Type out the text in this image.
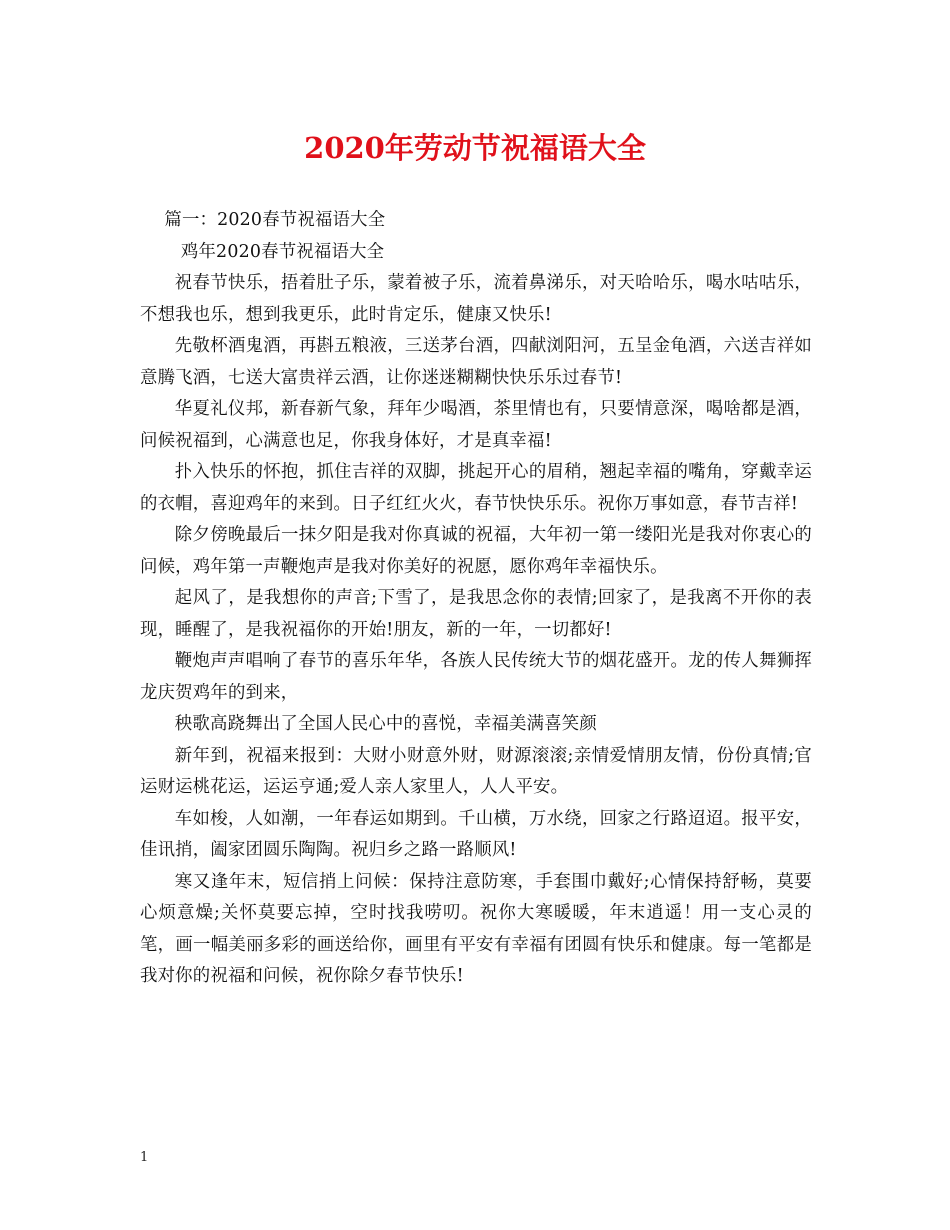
2020年劳动节祝福语大全

篇一：2020春节祝福语大全

鸡年2020春节祝福语大全

祝春节快乐，捂着肚子乐，蒙着被子乐，流着鼻涕乐，对天哈哈乐，喝水咕咕乐，不想我也乐，想到我更乐，此时肯定乐，健康又快乐!

先敬杯酒鬼酒，再斟五粮液，三送茅台酒，四献浏阳河，五呈金龟酒，六送吉祥如意腾飞酒，七送大富贵祥云酒，让你迷迷糊糊快快乐乐过春节!

华夏礼仪邦，新春新气象，拜年少喝酒，茶里情也有，只要情意深，喝啥都是酒，问候祝福到，心满意也足，你我身体好，才是真幸福!

扑入快乐的怀抱，抓住吉祥的双脚，挑起开心的眉稍，翘起幸福的嘴角，穿戴幸运的衣帽，喜迎鸡年的来到。日子红红火火，春节快快乐乐。祝你万事如意，春节吉祥!

除夕傍晚最后一抹夕阳是我对你真诚的祝福，大年初一第一缕阳光是我对你衷心的问候，鸡年第一声鞭炮声是我对你美好的祝愿，愿你鸡年幸福快乐。

起风了，是我想你的声音;下雪了，是我思念你的表情;回家了，是我离不开你的表现，睡醒了，是我祝福你的开始!朋友，新的一年，一切都好!

鞭炮声声唱响了春节的喜乐年华，各族人民传统大节的烟花盛开。龙的传人舞狮挥龙庆贺鸡年的到来，

秧歌高跷舞出了全国人民心中的喜悦，幸福美满喜笑颜

新年到，祝福来报到：大财小财意外财，财源滚滚;亲情爱情朋友情，份份真情;官运财运桃花运，运运亨通;爱人亲人家里人，人人平安。

车如梭，人如潮，一年春运如期到。千山横，万水绕，回家之行路迢迢。报平安，佳讯捎，阖家团圆乐陶陶。祝归乡之路一路顺风!

寒又逢年末，短信捎上问候：保持注意防寒，手套围巾戴好;心情保持舒畅，莫要心烦意燥;关怀莫要忘掉，空时找我唠叨。祝你大寒暖暖，年末逍遥！用一支心灵的笔，画一幅美丽多彩的画送给你，画里有平安有幸福有团圆有快乐和健康。每一笔都是我对你的祝福和问候，祝你除夕春节快乐!

1
